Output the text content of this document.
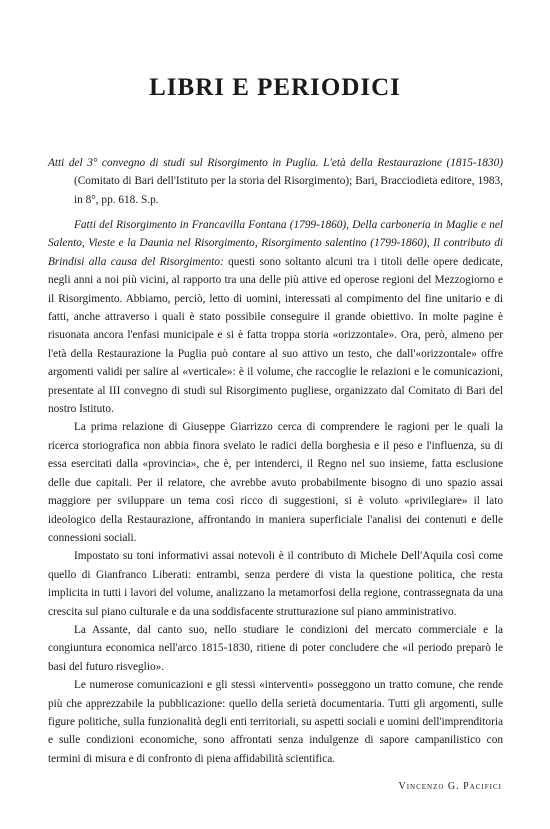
LIBRI E PERIODICI

Atti del 3° convegno di studi sul Risorgimento in Puglia. L'età della Restaurazione (1815-1830) (Comitato di Bari dell'Istituto per la storia del Risorgimento); Bari, Bracciodieta editore, 1983, in 8°, pp. 618. S.p.

Fatti del Risorgimento in Francavilla Fontana (1799-1860), Della carboneria in Maglie e nel Salento, Vieste e la Daunia nel Risorgimento, Risorgimento salentino (1799-1860), Il contributo di Brindisi alla causa del Risorgimento: questi sono soltanto alcuni tra i titoli delle opere dedicate, negli anni a noi più vicini, al rapporto tra una delle più attive ed operose regioni del Mezzogiorno e il Risorgimento. Abbiamo, perciò, letto di uomini, interessati al compimento del fine unitario e di fatti, anche attraverso i quali è stato possibile conseguire il grande obiettivo. In molte pagine è risuonata ancora l'enfasi municipale e si è fatta troppa storia «orizzontale». Ora, però, almeno per l'età della Restaurazione la Puglia può contare al suo attivo un testo, che dall'«orizzontale» offre argomenti validi per salire al «verticale»: è il volume, che raccoglie le relazioni e le comunicazioni, presentate al III convegno di studi sul Risorgimento pugliese, organizzato dal Comitato di Bari del nostro Istituto.

La prima relazione di Giuseppe Giarrizzo cerca di comprendere le ragioni per le quali la ricerca storiografica non abbia finora svelato le radici della borghesia e il peso e l'influenza, su di essa esercitati dalla «provincia», che è, per intenderci, il Regno nel suo insieme, fatta esclusione delle due capitali. Per il relatore, che avrebbe avuto probabilmente bisogno di uno spazio assai maggiore per sviluppare un tema così ricco di suggestioni, si è voluto «privilegiare» il lato ideologico della Restaurazione, affrontando in maniera superficiale l'analisi dei contenuti e delle connessioni sociali.

Impostato su toni informativi assai notevoli è il contributo di Michele Dell'Aquila così come quello di Gianfranco Liberati: entrambi, senza perdere di vista la questione politica, che resta implicita in tutti i lavori del volume, analizzano la metamorfosi della regione, contrassegnata da una crescita sul piano culturale e da una soddisfacente strutturazione sul piano amministrativo.

La Assante, dal canto suo, nello studiare le condizioni del mercato commerciale e la congiuntura economica nell'arco 1815-1830, ritiene di poter concludere che «il periodo preparò le basi del futuro risveglio».

Le numerose comunicazioni e gli stessi «interventi» posseggono un tratto comune, che rende più che apprezzabile la pubblicazione: quello della serietà documentaria. Tutti gli argomenti, sulle figure politiche, sulla funzionalità degli enti territoriali, su aspetti sociali e uomini dell'imprenditoria e sulle condizioni economiche, sono affrontati senza indulgenze di sapore campanilistico con termini di misura e di confronto di piena affidabilità scientifica.

Vincenzo G. Pacifici
